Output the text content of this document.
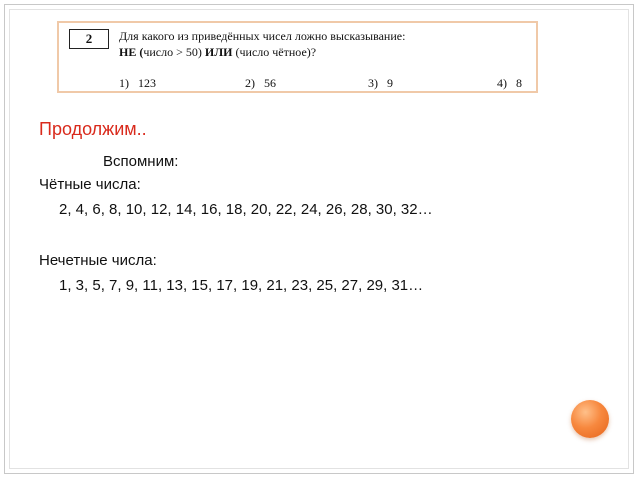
2	Для какого из приведённых чисел ложно высказывание:
НЕ (число > 50) ИЛИ (число чётное)?
1) 123	2) 56	3) 9	4) 8
Продолжим..
Вспомним:
Чётные числа:
2, 4, 6, 8, 10, 12, 14, 16, 18, 20, 22, 24, 26, 28, 30, 32…
Нечетные числа:
1, 3, 5, 7, 9, 11, 13, 15, 17, 19, 21, 23, 25, 27, 29, 31…
